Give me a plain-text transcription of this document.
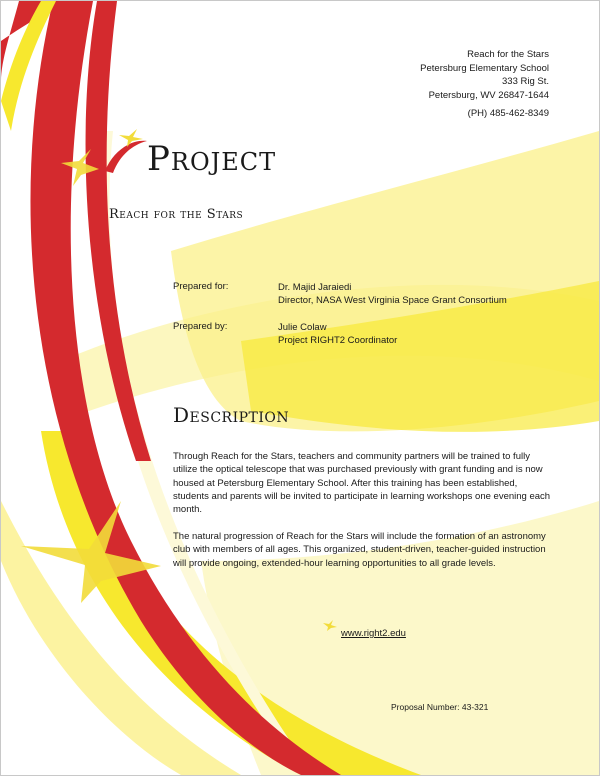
Reach for the Stars
Petersburg Elementary School
333 Rig St.
Petersburg, WV 26847-1644
(PH) 485-462-8349
Project
Reach for the Stars
Prepared for:	Dr. Majid Jaraiedi
Director, NASA West Virginia Space Grant Consortium
Prepared by:	Julie Colaw
Project RIGHT2 Coordinator
Description

Through Reach for the Stars, teachers and community partners will be trained to fully utilize the optical telescope that was purchased previously with grant funding and is now housed at Petersburg Elementary School. After this training has been established, students and parents will be invited to participate in learning workshops one evening each month.

The natural progression of Reach for the Stars will include the formation of an astronomy club with members of all ages. This organized, student-driven, teacher-guided instruction will provide ongoing, extended-hour learning opportunities to all grade levels.

www.right2.edu
Proposal Number: 43-321
